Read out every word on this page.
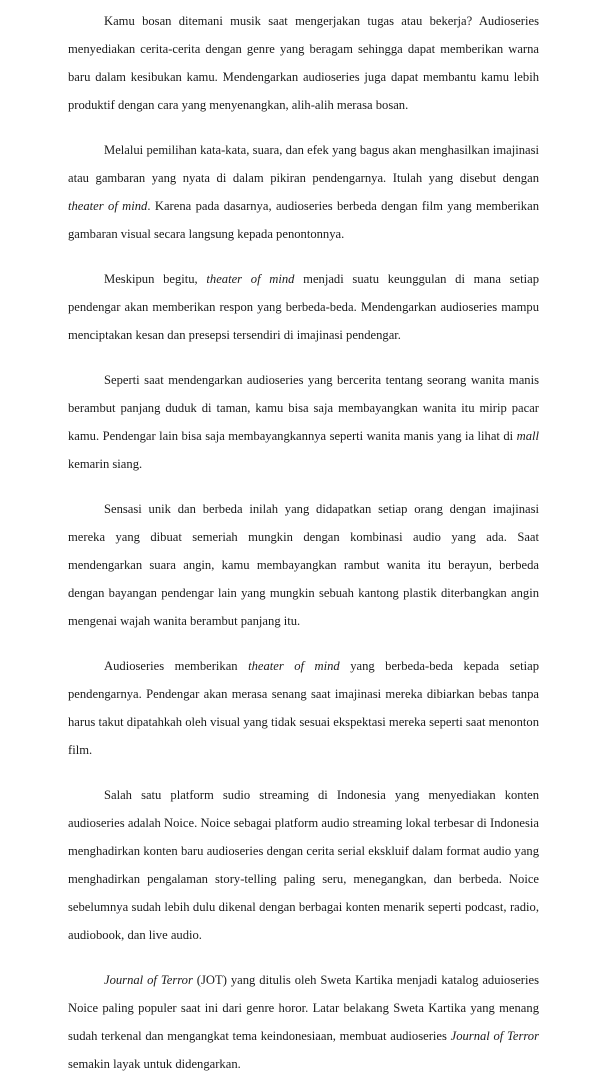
Kamu bosan ditemani musik saat mengerjakan tugas atau bekerja? Audioseries menyediakan cerita-cerita dengan genre yang beragam sehingga dapat memberikan warna baru dalam kesibukan kamu. Mendengarkan audioseries juga dapat membantu kamu lebih produktif dengan cara yang menyenangkan, alih-alih merasa bosan.

Melalui pemilihan kata-kata, suara, dan efek yang bagus akan menghasilkan imajinasi atau gambaran yang nyata di dalam pikiran pendengarnya. Itulah yang disebut dengan theater of mind. Karena pada dasarnya, audioseries berbeda dengan film yang memberikan gambaran visual secara langsung kepada penontonnya.

Meskipun begitu, theater of mind menjadi suatu keunggulan di mana setiap pendengar akan memberikan respon yang berbeda-beda. Mendengarkan audioseries mampu menciptakan kesan dan presepsi tersendiri di imajinasi pendengar.

Seperti saat mendengarkan audioseries yang bercerita tentang seorang wanita manis berambut panjang duduk di taman, kamu bisa saja membayangkan wanita itu mirip pacar kamu. Pendengar lain bisa saja membayangkannya seperti wanita manis yang ia lihat di mall kemarin siang.

Sensasi unik dan berbeda inilah yang didapatkan setiap orang dengan imajinasi mereka yang dibuat semeriah mungkin dengan kombinasi audio yang ada. Saat mendengarkan suara angin, kamu membayangkan rambut wanita itu berayun, berbeda dengan bayangan pendengar lain yang mungkin sebuah kantong plastik diterbangkan angin mengenai wajah wanita berambut panjang itu.

Audioseries memberikan theater of mind yang berbeda-beda kepada setiap pendengarnya. Pendengar akan merasa senang saat imajinasi mereka dibiarkan bebas tanpa harus takut dipatahkah oleh visual yang tidak sesuai ekspektasi mereka seperti saat menonton film.

Salah satu platform sudio streaming di Indonesia yang menyediakan konten audioseries adalah Noice. Noice sebagai platform audio streaming lokal terbesar di Indonesia menghadirkan konten baru audioseries dengan cerita serial ekskluif dalam format audio yang menghadirkan pengalaman story-telling paling seru, menegangkan, dan berbeda. Noice sebelumnya sudah lebih dulu dikenal dengan berbagai konten menarik seperti podcast, radio, audiobook, dan live audio.

Journal of Terror (JOT) yang ditulis oleh Sweta Kartika menjadi katalog aduioseries Noice paling populer saat ini dari genre horor. Latar belakang Sweta Kartika yang menang sudah terkenal dan mengangkat tema keindonesiaan, membuat audioseries Journal of Terror semakin layak untuk didengarkan.
